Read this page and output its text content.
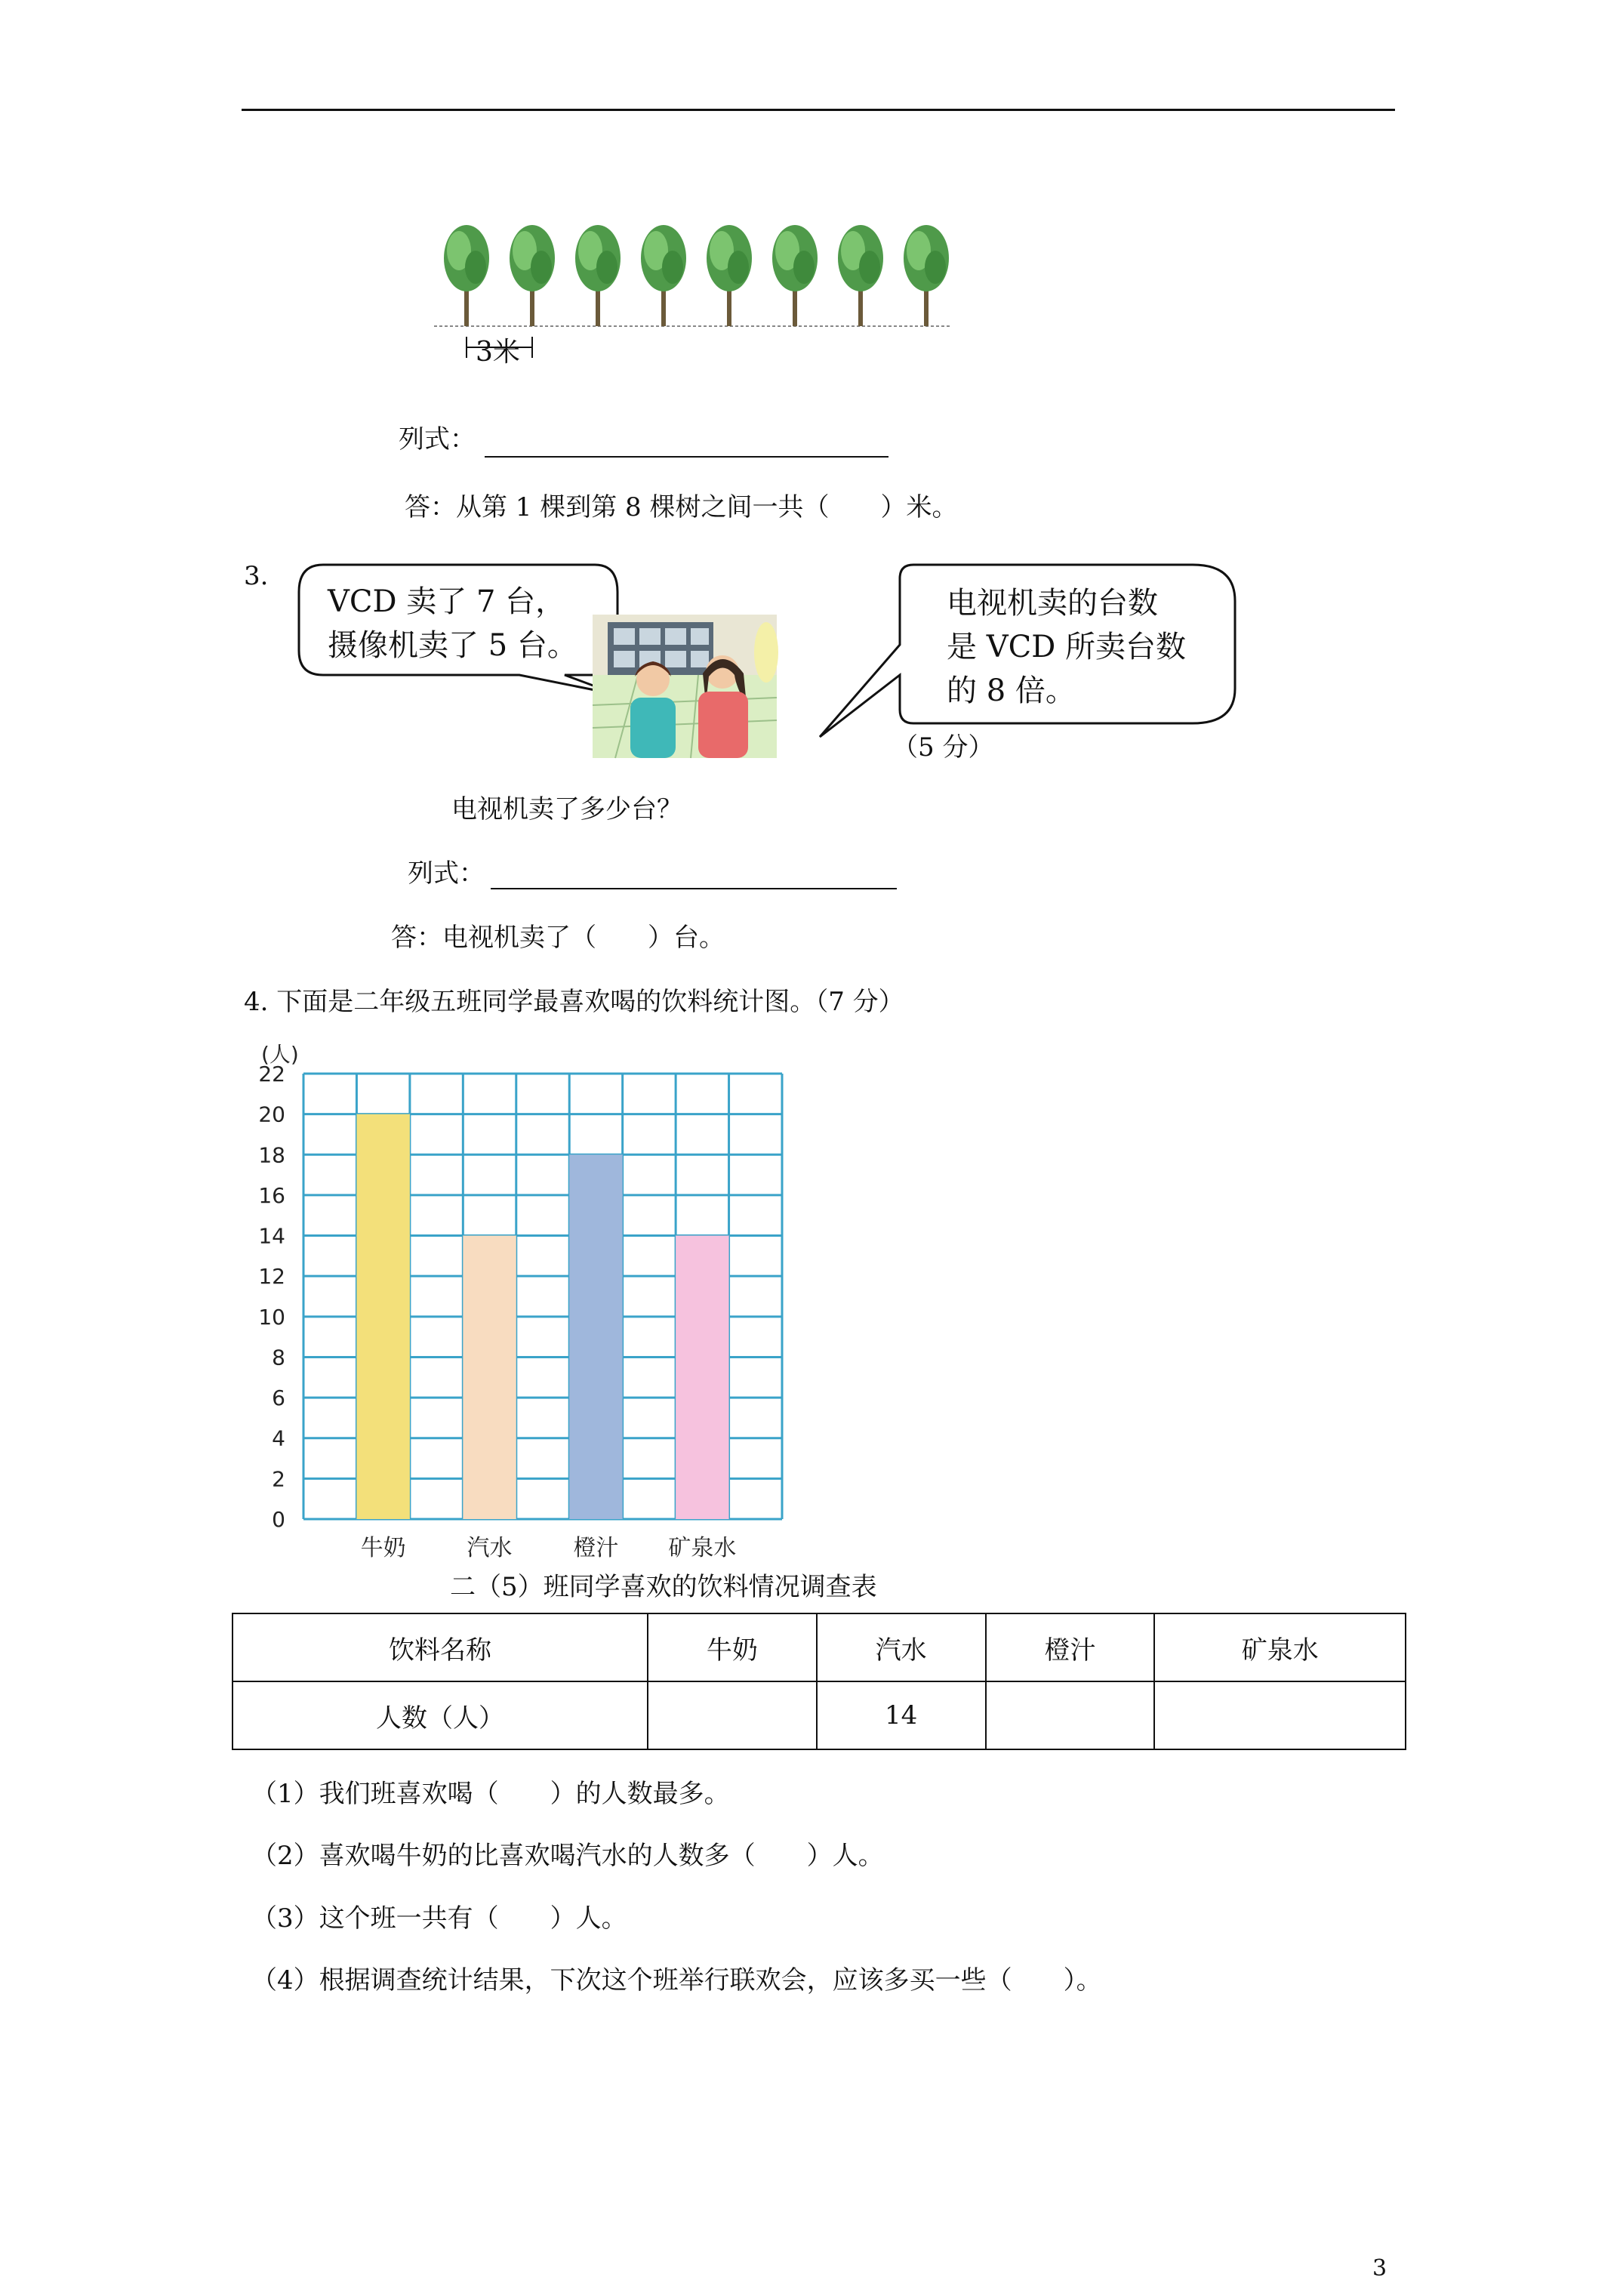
3米
列式：
答：从第 1 棵到第 8 棵树之间一共（　　）米。
3.
VCD 卖了 7 台，
摄像机卖了 5 台。
电视机卖的台数
是 VCD 所卖台数
的 8 倍。
（5 分）
电视机卖了多少台？
列式：
答：电视机卖了（　　）台。
4. 下面是二年级五班同学最喜欢喝的饮料统计图。（7 分）
(人)
0
2
4
6
8
10
12
14
16
18
20
22
牛奶	汽水	橙汁 矿泉水
二（5）班同学喜欢的饮料情况调查表
饮料名称	牛奶	汽水	橙汁	矿泉水
人数（人）		14		
（1）我们班喜欢喝（　　）的人数最多。
（2）喜欢喝牛奶的比喜欢喝汽水的人数多（　　）人。
（3）这个班一共有（　　）人。
（4）根据调查统计结果，下次这个班举行联欢会，应该多买一些（　　）。
3
